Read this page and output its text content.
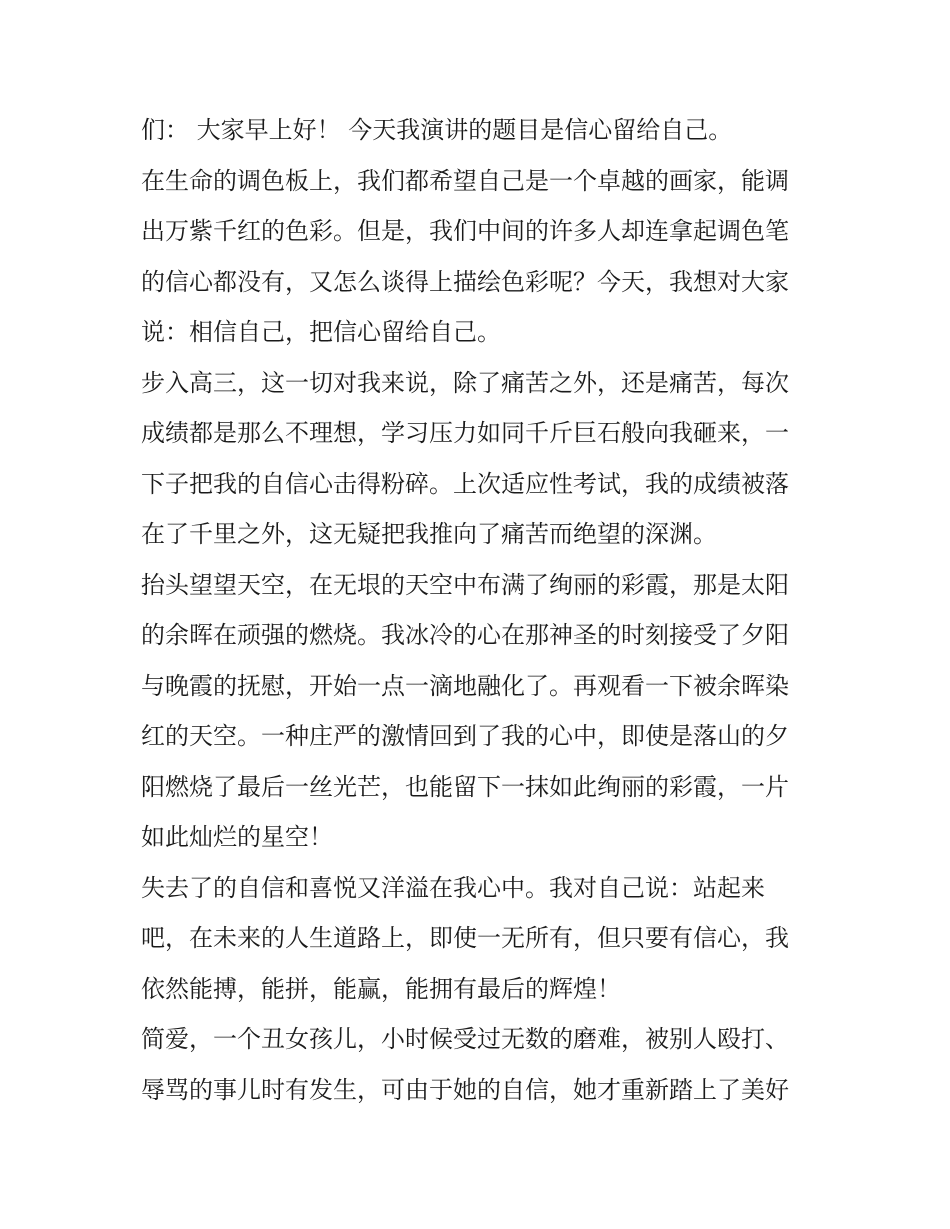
们： 大家早上好！ 今天我演讲的题目是信心留给自己。
在生命的调色板上，我们都希望自己是一个卓越的画家，能调
出万紫千红的色彩。但是，我们中间的许多人却连拿起调色笔
的信心都没有，又怎么谈得上描绘色彩呢？今天，我想对大家
说：相信自己，把信心留给自己。
步入高三，这一切对我来说，除了痛苦之外，还是痛苦，每次
成绩都是那么不理想，学习压力如同千斤巨石般向我砸来，一
下子把我的自信心击得粉碎。上次适应性考试，我的成绩被落
在了千里之外，这无疑把我推向了痛苦而绝望的深渊。
抬头望望天空，在无垠的天空中布满了绚丽的彩霞，那是太阳
的余晖在顽强的燃烧。我冰冷的心在那神圣的时刻接受了夕阳
与晚霞的抚慰，开始一点一滴地融化了。再观看一下被余晖染
红的天空。一种庄严的激情回到了我的心中，即使是落山的夕
阳燃烧了最后一丝光芒，也能留下一抹如此绚丽的彩霞，一片
如此灿烂的星空！
失去了的自信和喜悦又洋溢在我心中。我对自己说：站起来
吧，在未来的人生道路上，即使一无所有，但只要有信心，我
依然能搏，能拼，能赢，能拥有最后的辉煌！
简爱，一个丑女孩儿，小时候受过无数的磨难，被别人殴打、
辱骂的事儿时有发生，可由于她的自信，她才重新踏上了美好
